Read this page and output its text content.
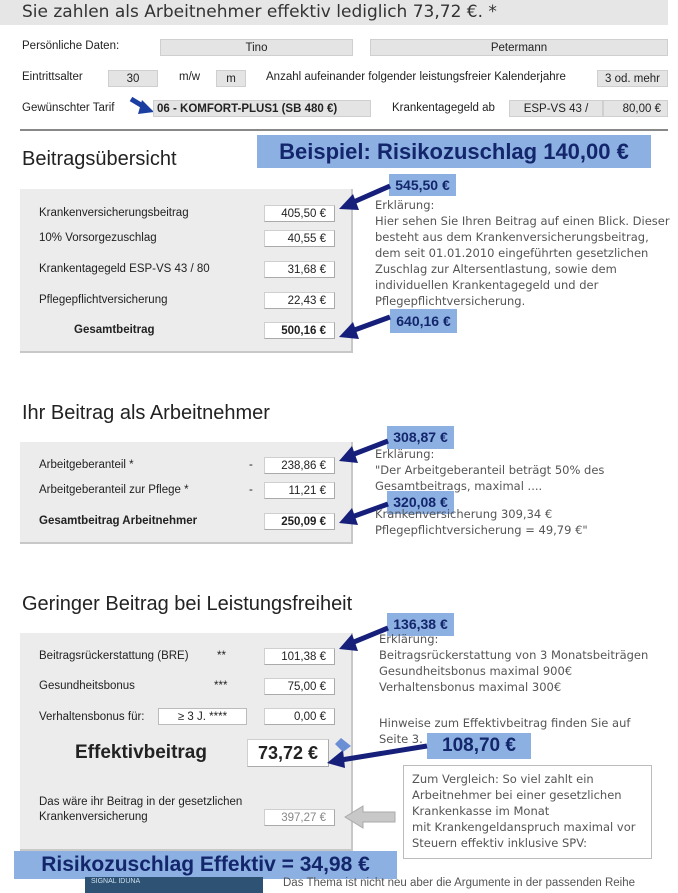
Sie zahlen als Arbeitnehmer effektiv lediglich 73,72 €. *
Persönliche Daten:	Tino	Petermann
Eintrittsalter	30	m/w	m	Anzahl aufeinander folgender leistungsfreier Kalenderjahre	3 od. mehr
Gewünschter Tarif	06 - KOMFORT-PLUS1 (SB 480 €)	Krankentagegeld ab	ESP-VS 43 /	80,00 €
Beitragsübersicht	Beispiel: Risikozuschlag 140,00 €
Krankenversicherungsbeitrag	405,50 €
10% Vorsorgezuschlag	40,55 €
Krankentagegeld ESP-VS 43 / 80	31,68 €
Pflegepflichtversicherung	22,43 €
Gesamtbeitrag	500,16 €
545,50 €
640,16 €
Erklärung:
Hier sehen Sie Ihren Beitrag auf einen Blick. Dieser
besteht aus dem Krankenversicherungsbeitrag,
dem seit 01.01.2010 eingeführten gesetzlichen
Zuschlag zur Altersentlastung, sowie dem
individuellen Krankentagegeld und der
Pflegepflichtversicherung.
Ihr Beitrag als Arbeitnehmer
Arbeitgeberanteil *	-	238,86 €
Arbeitgeberanteil zur Pflege *	-	11,21 €
Gesamtbeitrag Arbeitnehmer	250,09 €
308,87 €
320,08 €
Erklärung:
"Der Arbeitgeberanteil beträgt 50% des
Gesamtbeitrags, maximal ....
Krankenversicherung 309,34 €
Pflegepflichtversicherung = 49,79 €"
Geringer Beitrag bei Leistungsfreiheit
Beitragsrückerstattung (BRE) **	101,38 €
Gesundheitsbonus	***	75,00 €
Verhaltensbonus für:	≥ 3 J. ****	0,00 €
Effektivbeitrag	73,72 €
Das wäre ihr Beitrag in der gesetzlichen
Krankenversicherung	397,27 €
136,38 €
108,70 €
Erklärung:
Beitragsrückerstattung von 3 Monatsbeiträgen
Gesundheitsbonus maximal 900€
Verhaltensbonus maximal 300€
Hinweise zum Effektivbeitrag finden Sie auf
Seite 3.
Zum Vergleich: So viel zahlt ein
Arbeitnehmer bei einer gesetzlichen
Krankenkasse im Monat
mit Krankengeldanspruch maximal vor
Steuern effektiv inklusive SPV:
Risikozuschlag Effektiv = 34,98 €
SIGNAL IDUNA	Das Thema ist nicht neu aber die Argumente in der passenden Reihe
